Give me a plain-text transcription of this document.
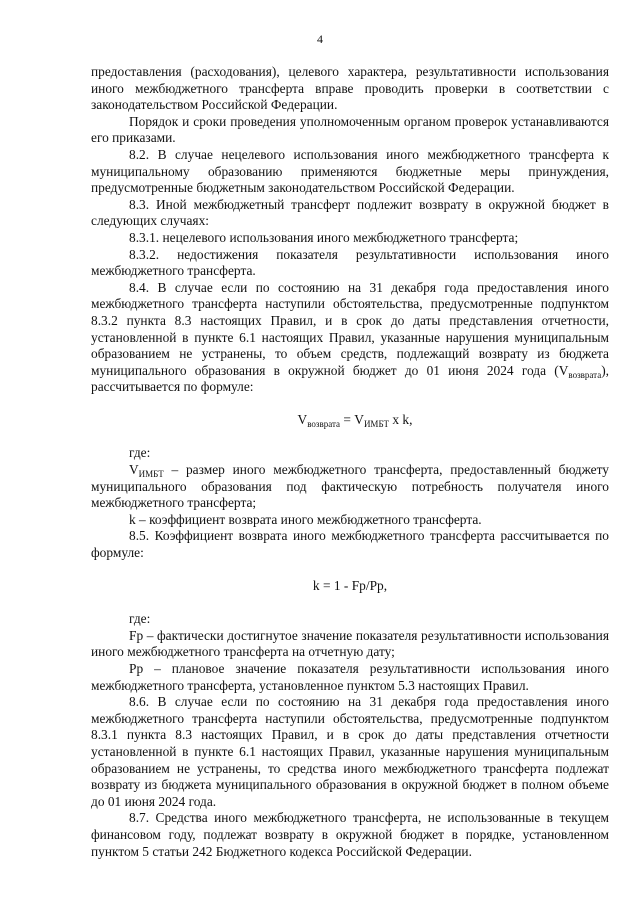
4

предоставления (расходования), целевого характера, результативности использования иного межбюджетного трансферта вправе проводить проверки в соответствии с законодательством Российской Федерации.

Порядок и сроки проведения уполномоченным органом проверок устанавливаются его приказами.

8.2. В случае нецелевого использования иного межбюджетного трансферта к муниципальному образованию применяются бюджетные меры принуждения, предусмотренные бюджетным законодательством Российской Федерации.

8.3. Иной межбюджетный трансферт подлежит возврату в окружной бюджет в следующих случаях:

8.3.1. нецелевого использования иного межбюджетного трансферта;

8.3.2. недостижения показателя результативности использования иного межбюджетного трансферта.

8.4. В случае если по состоянию на 31 декабря года предоставления иного межбюджетного трансферта наступили обстоятельства, предусмотренные подпунктом 8.3.2 пункта 8.3 настоящих Правил, и в срок до даты представления отчетности, установленной в пункте 6.1 настоящих Правил, указанные нарушения муниципальным образованием не устранены, то объем средств, подлежащий возврату из бюджета муниципального образования в окружной бюджет до 01 июня 2024 года $(V_{возврата})$, рассчитывается по формуле:

$V_{возврата} = V_{ИМБТ}$ x k,

где:

$V_{ИМБТ}$ – размер иного межбюджетного трансферта, предоставленный бюджету муниципального образования под фактическую потребность получателя иного межбюджетного трансферта;

k – коэффициент возврата иного межбюджетного трансферта.

8.5. Коэффициент возврата иного межбюджетного трансферта рассчитывается по формуле:

k = 1 - Fp/Pp,

где:

Fp – фактически достигнутое значение показателя результативности использования иного межбюджетного трансферта на отчетную дату;

Pp – плановое значение показателя результативности использования иного межбюджетного трансферта, установленное пунктом 5.3 настоящих Правил.

8.6. В случае если по состоянию на 31 декабря года предоставления иного межбюджетного трансферта наступили обстоятельства, предусмотренные подпунктом 8.3.1 пункта 8.3 настоящих Правил, и в срок до даты представления отчетности установленной в пункте 6.1 настоящих Правил, указанные нарушения муниципальным образованием не устранены, то средства иного межбюджетного трансферта подлежат возврату из бюджета муниципального образования в окружной бюджет в полном объеме до 01 июня 2024 года.

8.7. Средства иного межбюджетного трансферта, не использованные в текущем финансовом году, подлежат возврату в окружной бюджет в порядке, установленном пунктом 5 статьи 242 Бюджетного кодекса Российской Федерации.
